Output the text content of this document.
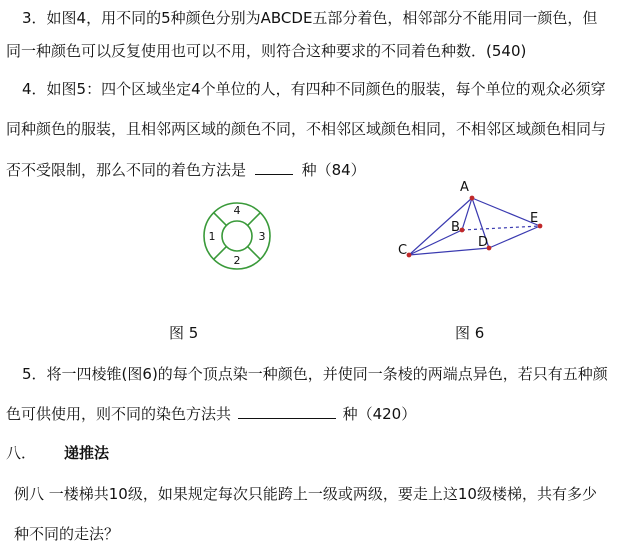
3．如图4，用不同的5种颜色分别为ABCDE五部分着色，相邻部分不能用同一颜色，但
同一种颜色可以反复使用也可以不用，则符合这种要求的不同着色种数．(540)
4．如图5：四个区域坐定4个单位的人，有四种不同颜色的服装，每个单位的观众必须穿
同种颜色的服装，且相邻两区域的颜色不同，不相邻区域颜色相同，不相邻区域颜色相同与
否不受限制，那么不同的着色方法是	种（84）
4
1	3
2
A
B
C
D
E
图 5	图 6
5．将一四棱锥(图6)的每个顶点染一种颜色，并使同一条棱的两端点异色，若只有五种颜
色可供使用，则不同的染色方法共	种（420）
八． 递推法
例八 一楼梯共10级，如果规定每次只能跨上一级或两级，要走上这10级楼梯，共有多少
种不同的走法？
